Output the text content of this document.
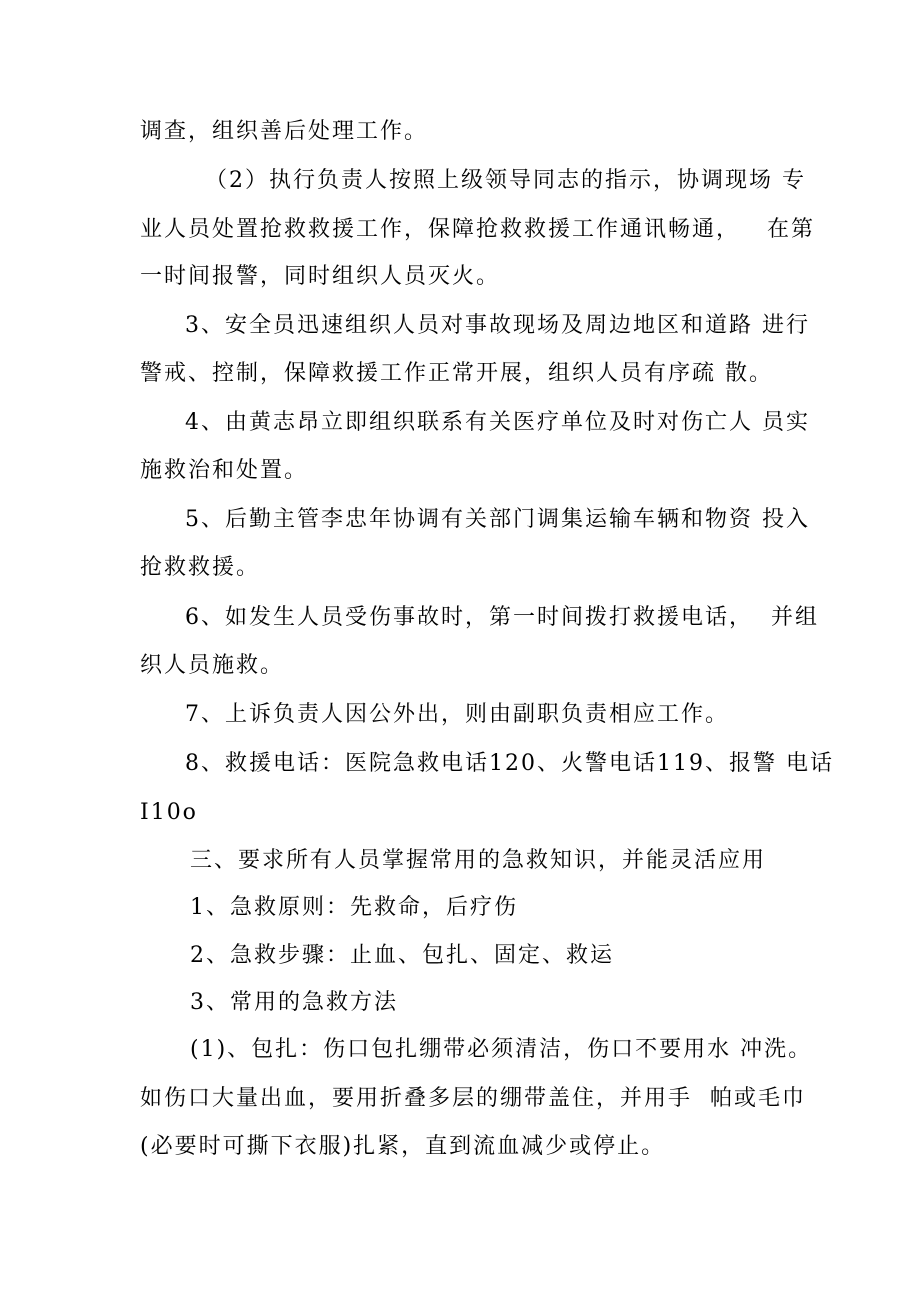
调查，组织善后处理工作。
（2）执行负责人按照上级领导同志的指示，协调现场 专
业人员处置抢救救援工作，保障抢救救援工作通讯畅通，   在第
一时间报警，同时组织人员灭火。
3、安全员迅速组织人员对事故现场及周边地区和道路 进行
警戒、控制，保障救援工作正常开展，组织人员有序疏 散。
4、由黄志昂立即组织联系有关医疗单位及时对伤亡人 员实
施救治和处置。
5、后勤主管李忠年协调有关部门调集运输车辆和物资 投入
抢救救援。
6、如发生人员受伤事故时，第一时间拨打救援电话，  并组
织人员施救。
7、上诉负责人因公外出，则由副职负责相应工作。
8、救援电话：医院急救电话120、火警电话119、报警 电话
I10o
三、要求所有人员掌握常用的急救知识，并能灵活应用
1、急救原则：先救命，后疗伤
2、急救步骤：止血、包扎、固定、救运
3、常用的急救方法
(1)、包扎：伤口包扎绷带必须清洁，伤口不要用水 冲洗。
如伤口大量出血，要用折叠多层的绷带盖住，并用手  帕或毛巾
(必要时可撕下衣服)扎紧，直到流血减少或停止。
